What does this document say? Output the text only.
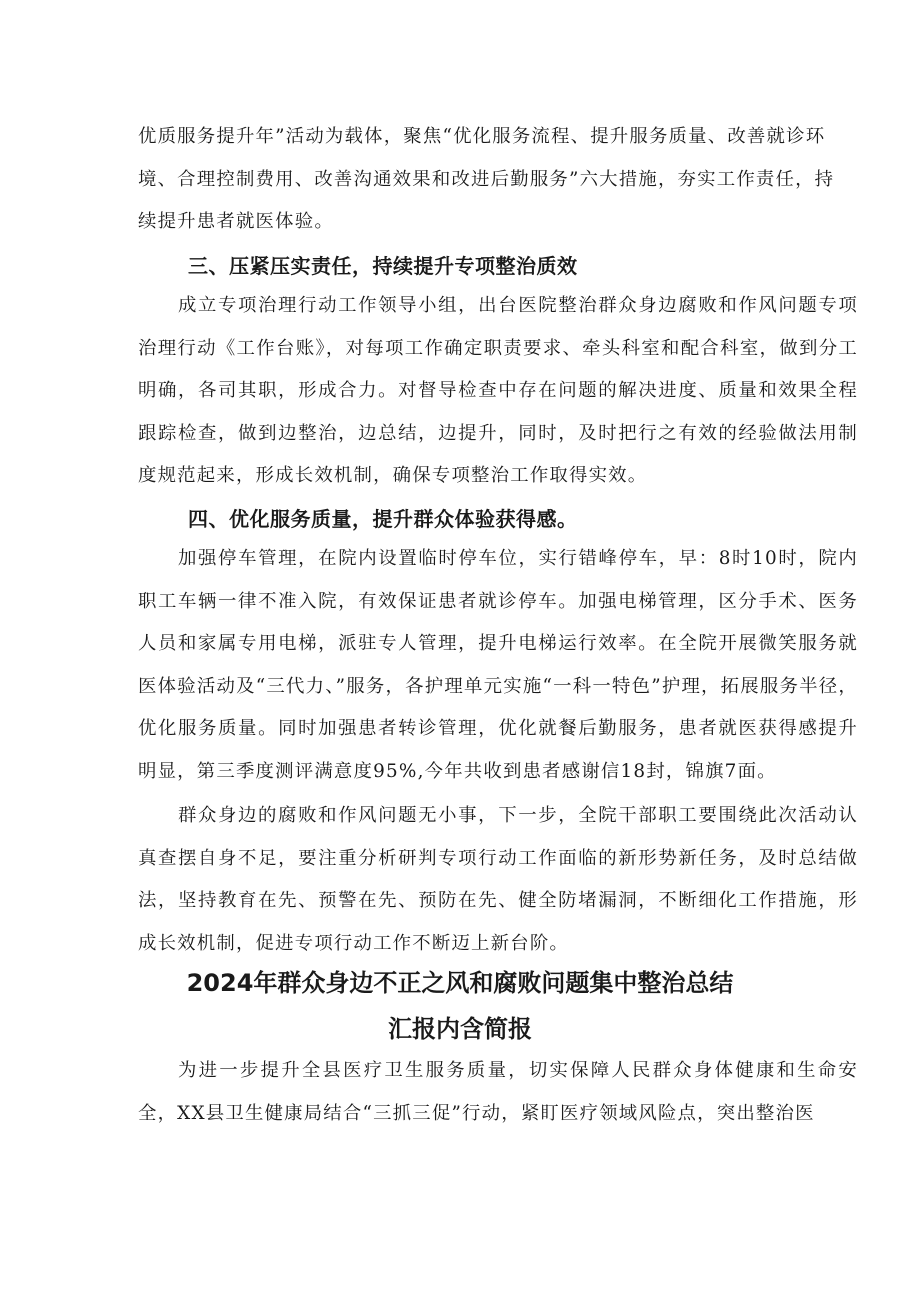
优质服务提升年”活动为载体，聚焦“优化服务流程、提升服务质量、改善就诊环

境、合理控制费用、改善沟通效果和改进后勤服务”六大措施，夯实工作责任，持

续提升患者就医体验。

三、压紧压实责任，持续提升专项整治质效

成立专项治理行动工作领导小组，出台医院整治群众身边腐败和作风问题专项治理行动《工作台账》，对每项工作确定职责要求、牵头科室和配合科室，做到分工明确，各司其职，形成合力。对督导检查中存在问题的解决进度、质量和效果全程跟踪检查，做到边整治，边总结，边提升，同时，及时把行之有效的经验做法用制度规范起来，形成长效机制，确保专项整治工作取得实效。

四、优化服务质量，提升群众体验获得感。

加强停车管理，在院内设置临时停车位，实行错峰停车，早：8时10时，院内职工车辆一律不准入院，有效保证患者就诊停车。加强电梯管理，区分手术、医务人员和家属专用电梯，派驻专人管理，提升电梯运行效率。在全院开展微笑服务就医体验活动及“三代力、”服务，各护理单元实施“一科一特色”护理，拓展服务半径，优化服务质量。同时加强患者转诊管理，优化就餐后勤服务，患者就医获得感提升明显，第三季度测评满意度95%,今年共收到患者感谢信18封，锦旗7面。

群众身边的腐败和作风问题无小事，下一步，全院干部职工要围绕此次活动认真查摆自身不足，要注重分析研判专项行动工作面临的新形势新任务，及时总结做法，坚持教育在先、预警在先、预防在先、健全防堵漏洞，不断细化工作措施，形成长效机制，促进专项行动工作不断迈上新台阶。

2024年群众身边不正之风和腐败问题集中整治总结
汇报内含简报

为进一步提升全县医疗卫生服务质量，切实保障人民群众身体健康和生命安全，XX县卫生健康局结合“三抓三促”行动，紧盯医疗领域风险点，突出整治医
